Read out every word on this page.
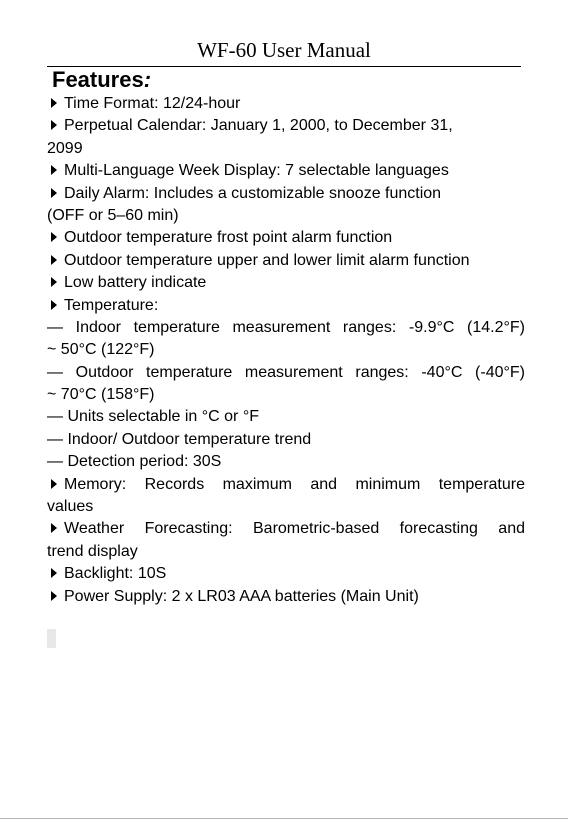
WF-60 User Manual
Features:
Time Format: 12/24-hour
Perpetual Calendar: January 1, 2000, to December 31,
2099
Multi-Language Week Display: 7 selectable languages
Daily Alarm: Includes a customizable snooze function
(OFF or 5–60 min)
Outdoor temperature frost point alarm function
Outdoor temperature upper and lower limit alarm function
Low battery indicate
Temperature:
— Indoor temperature measurement ranges: -9.9°C (14.2°F)
~ 50°C (122°F)
— Outdoor temperature measurement ranges: -40°C (-40°F)
~ 70°C (158°F)
— Units selectable in °C or °F
— Indoor/ Outdoor temperature trend
— Detection period: 30S
Memory: Records maximum and minimum temperature
values
Weather Forecasting: Barometric-based forecasting and
trend display
Backlight: 10S
Power Supply: 2 x LR03 AAA batteries (Main Unit)
